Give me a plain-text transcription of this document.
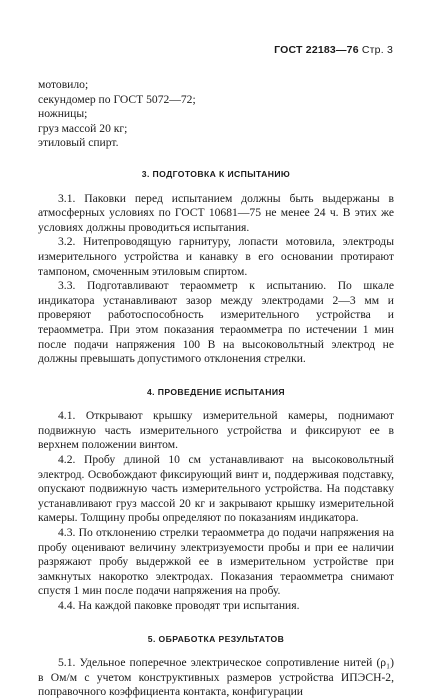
ГОСТ 22183—76 Стр. 3
мотовило;
секундомер по ГОСТ 5072—72;
ножницы;
груз массой 20 кг;
этиловый спирт.
3. ПОДГОТОВКА К ИСПЫТАНИЮ

3.1. Паковки перед испытанием должны быть выдержаны в атмосферных условиях по ГОСТ 10681—75 не менее 24 ч. В этих же условиях должны проводиться испытания.

3.2. Нитепроводящую гарнитуру, лопасти мотовила, электроды измерительного устройства и канавку в его основании протирают тампоном, смоченным этиловым спиртом.

3.3. Подготавливают тераомметр к испытанию. По шкале индикатора устанавливают зазор между электродами 2—3 мм и проверяют работоспособность измерительного устройства и тераомметра. При этом показания тераомметра по истечении 1 мин после подачи напряжения 100 В на высоковольтный электрод не должны превышать допустимого отклонения стрелки.

4. ПРОВЕДЕНИЕ ИСПЫТАНИЯ

4.1. Открывают крышку измерительной камеры, поднимают подвижную часть измерительного устройства и фиксируют ее в верхнем положении винтом.

4.2. Пробу длиной 10 см устанавливают на высоковольтный электрод. Освобождают фиксирующий винт и, поддерживая подставку, опускают подвижную часть измерительного устройства. На подставку устанавливают груз массой 20 кг и закрывают крышку измерительной камеры. Толщину пробы определяют по показаниям индикатора.

4.3. По отклонению стрелки тераомметра до подачи напряжения на пробу оценивают величину электризуемости пробы и при ее наличии разряжают пробу выдержкой ее в измерительном устройстве при замкнутых накоротко электродах. Показания тераомметра снимают спустя 1 мин после подачи напряжения на пробу.

4.4. На каждой паковке проводят три испытания.

5. ОБРАБОТКА РЕЗУЛЬТАТОВ

5.1. Удельное поперечное электрическое сопротивление нитей (ρ₁) в Ом/м с учетом конструктивных размеров устройства ИПЭСН-2, поправочного коэффициента контакта, конфигурации
